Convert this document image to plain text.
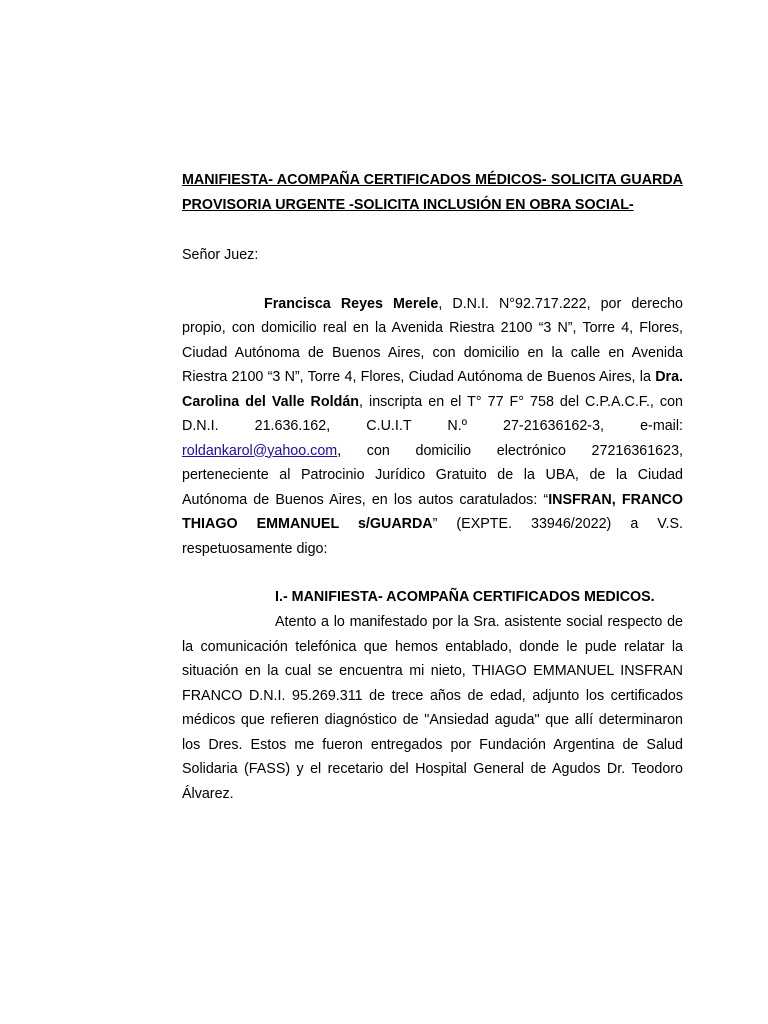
MANIFIESTA- ACOMPAÑA CERTIFICADOS MÉDICOS- SOLICITA GUARDA PROVISORIA URGENTE -SOLICITA INCLUSIÓN EN OBRA SOCIAL-

Señor Juez:

Francisca Reyes Merele, D.N.I. N°92.717.222, por derecho propio, con domicilio real en la Avenida Riestra 2100 “3 N”, Torre 4, Flores, Ciudad Autónoma de Buenos Aires, con domicilio en la calle en Avenida Riestra 2100 “3 N”, Torre 4, Flores, Ciudad Autónoma de Buenos Aires, la Dra. Carolina del Valle Roldán, inscripta en el T° 77 F° 758 del C.P.A.C.F., con D.N.I. 21.636.162, C.U.I.T N.º 27-21636162-3, e-mail: roldankarol@yahoo.com, con domicilio electrónico 27216361623, perteneciente al Patrocinio Jurídico Gratuito de la UBA, de la Ciudad Autónoma de Buenos Aires, en los autos caratulados: “INSFRAN, FRANCO THIAGO EMMANUEL s/GUARDA” (EXPTE. 33946/2022) a V.S. respetuosamente digo:

I.- MANIFIESTA- ACOMPAÑA CERTIFICADOS MEDICOS.

Atento a lo manifestado por la Sra. asistente social respecto de la comunicación telefónica que hemos entablado, donde le pude relatar la situación en la cual se encuentra mi nieto, THIAGO EMMANUEL INSFRAN FRANCO D.N.I. 95.269.311 de trece años de edad, adjunto los certificados médicos que refieren diagnóstico de "Ansiedad aguda" que allí determinaron los Dres. Estos me fueron entregados por Fundación Argentina de Salud Solidaria (FASS) y el recetario del Hospital General de Agudos Dr. Teodoro Álvarez.
